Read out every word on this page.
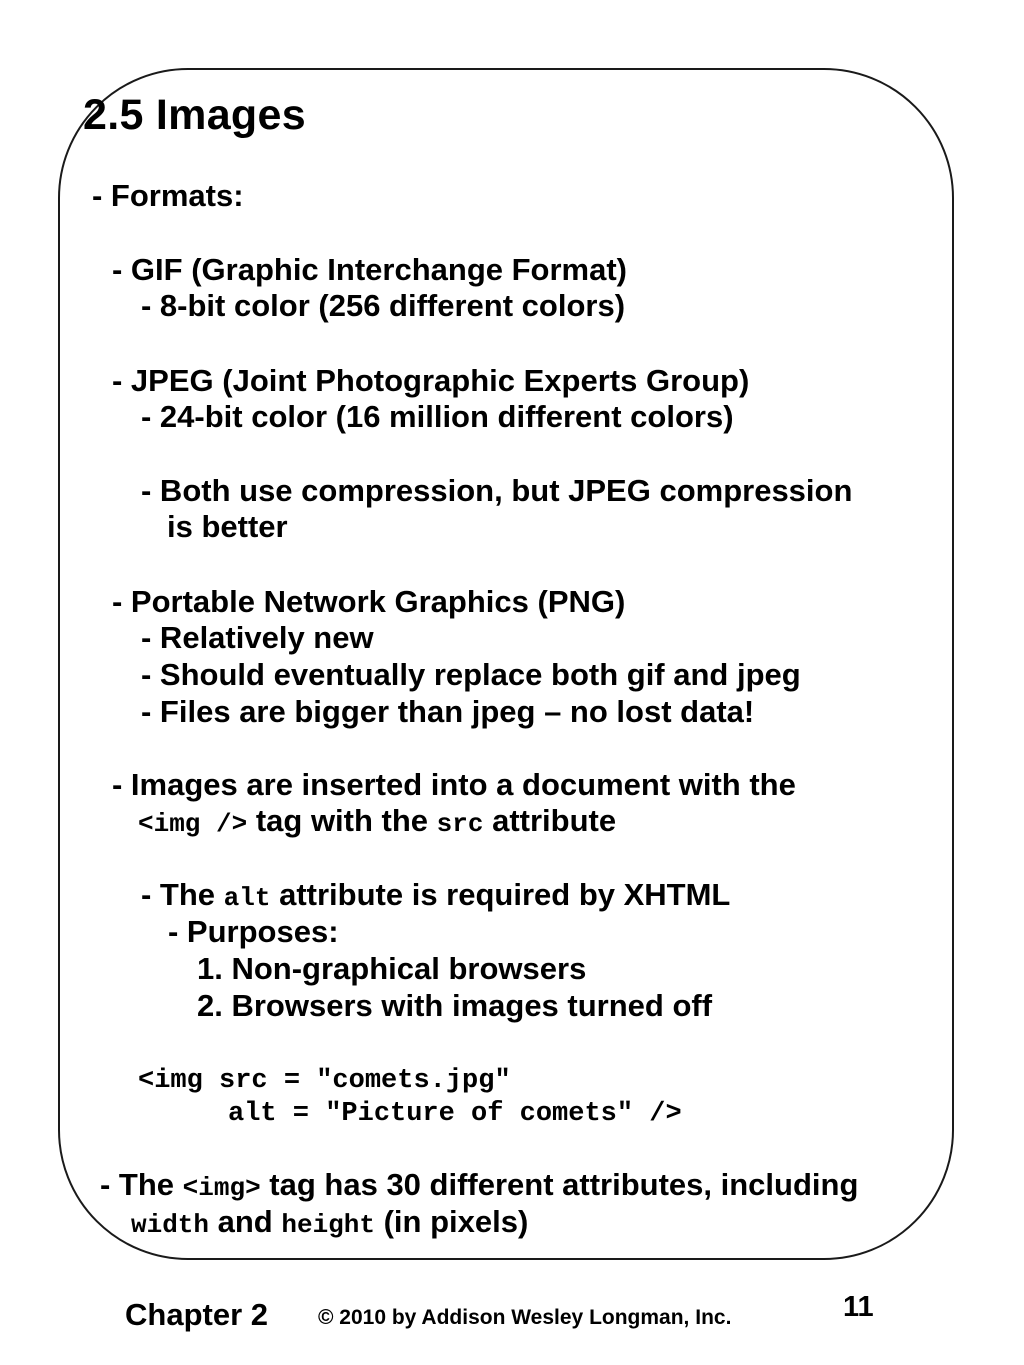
2.5 Images
- Formats:
- GIF (Graphic Interchange Format)
- 8-bit color (256 different colors)
- JPEG (Joint Photographic Experts Group)
- 24-bit color (16 million different colors)
- Both use compression, but JPEG compression
is better
- Portable Network Graphics (PNG)
- Relatively new
- Should eventually replace both gif and jpeg
- Files are bigger than jpeg – no lost data!
- Images are inserted into a document with the
<img /> tag with the src attribute
- The alt attribute is required by XHTML
- Purposes:
1. Non-graphical browsers
2. Browsers with images turned off
<img src = "comets.jpg"
alt = "Picture of comets" />
- The <img> tag has 30 different attributes, including
width and height (in pixels)
Chapter 2 © 2010 by Addison Wesley Longman, Inc.	11
